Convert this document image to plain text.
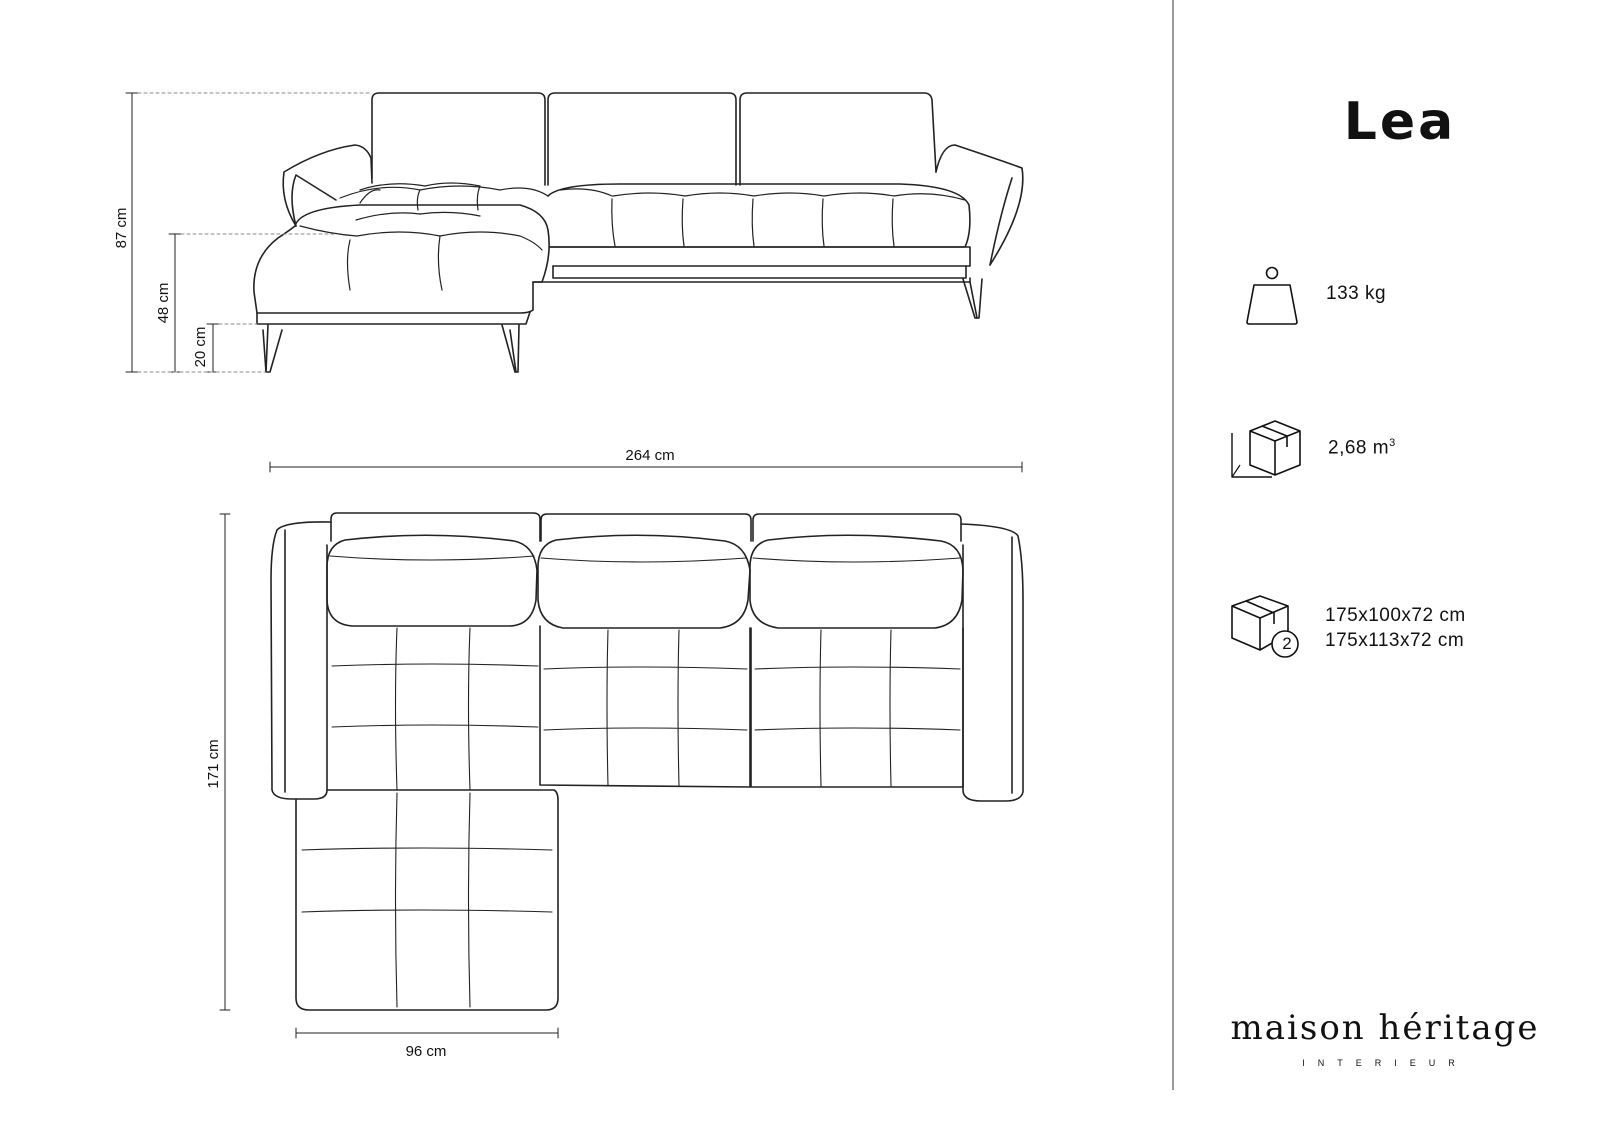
87 cm
48 cm
20 cm
264 cm
171 cm
96 cm
Lea
133 kg
2,68 $m^3$
2
175x100x72 cm
175x113x72 cm
maison héritage
INTERIEUR
